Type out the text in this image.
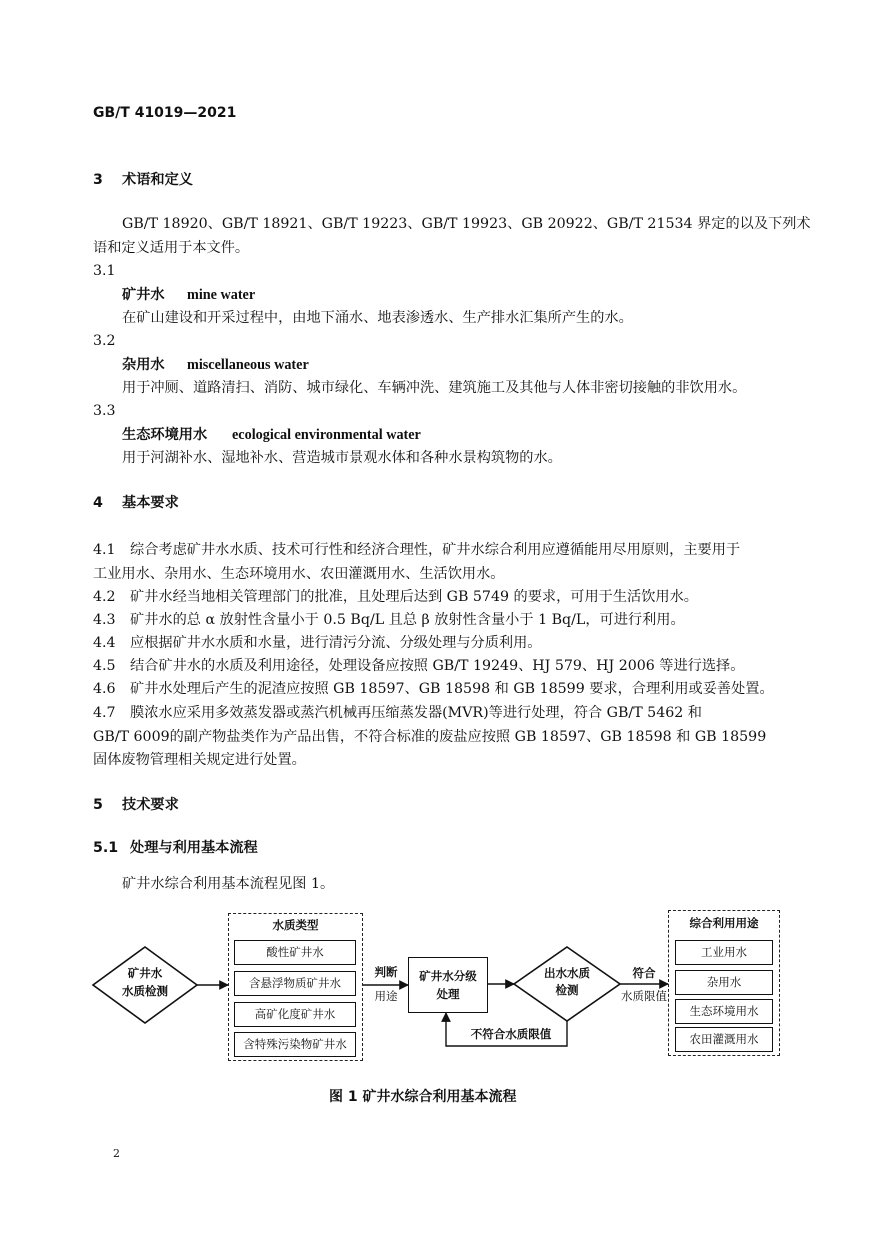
GB/T 41019—2021
3 术语和定义
GB/T 18920、GB/T 18921、GB/T 19223、GB/T 19923、GB 20922、GB/T 21534 界定的以及下列术
语和定义适用于本文件。
3.1
矿井水 mine water
在矿山建设和开采过程中，由地下涌水、地表渗透水、生产排水汇集所产生的水。
3.2
杂用水 miscellaneous water
用于冲厕、道路清扫、消防、城市绿化、车辆冲洗、建筑施工及其他与人体非密切接触的非饮用水。
3.3
生态环境用水 ecological environmental water
用于河湖补水、湿地补水、营造城市景观水体和各种水景构筑物的水。
4 基本要求
4.1 综合考虑矿井水水质、技术可行性和经济合理性，矿井水综合利用应遵循能用尽用原则，主要用于
工业用水、杂用水、生态环境用水、农田灌溉用水、生活饮用水。
4.2 矿井水经当地相关管理部门的批准，且处理后达到 GB 5749 的要求，可用于生活饮用水。
4.3 矿井水的总 α 放射性含量小于 0.5 Bq/L 且总 β 放射性含量小于 1 Bq/L，可进行利用。
4.4 应根据矿井水水质和水量，进行清污分流、分级处理与分质利用。
4.5 结合矿井水的水质及利用途径，处理设备应按照 GB/T 19249、HJ 579、HJ 2006 等进行选择。
4.6 矿井水处理后产生的泥渣应按照 GB 18597、GB 18598 和 GB 18599 要求，合理利用或妥善处置。
4.7 膜浓水应采用多效蒸发器或蒸汽机械再压缩蒸发器(MVR)等进行处理，符合 GB/T 5462 和
GB/T 6009的副产物盐类作为产品出售，不符合标准的废盐应按照 GB 18597、GB 18598 和 GB 18599
固体废物管理相关规定进行处置。
5 技术要求
5.1 处理与利用基本流程
矿井水综合利用基本流程见图 1。
矿井水
水质检测
水质类型
酸性矿井水
含悬浮物质矿井水
高矿化度矿井水
含特殊污染物矿井水
判断
用途
矿井水分级
处理
出水水质
检测
符合
水质限值
不符合水质限值
综合利用用途
工业用水
杂用水
生态环境用水
农田灌溉用水
图 1 矿井水综合利用基本流程
2
